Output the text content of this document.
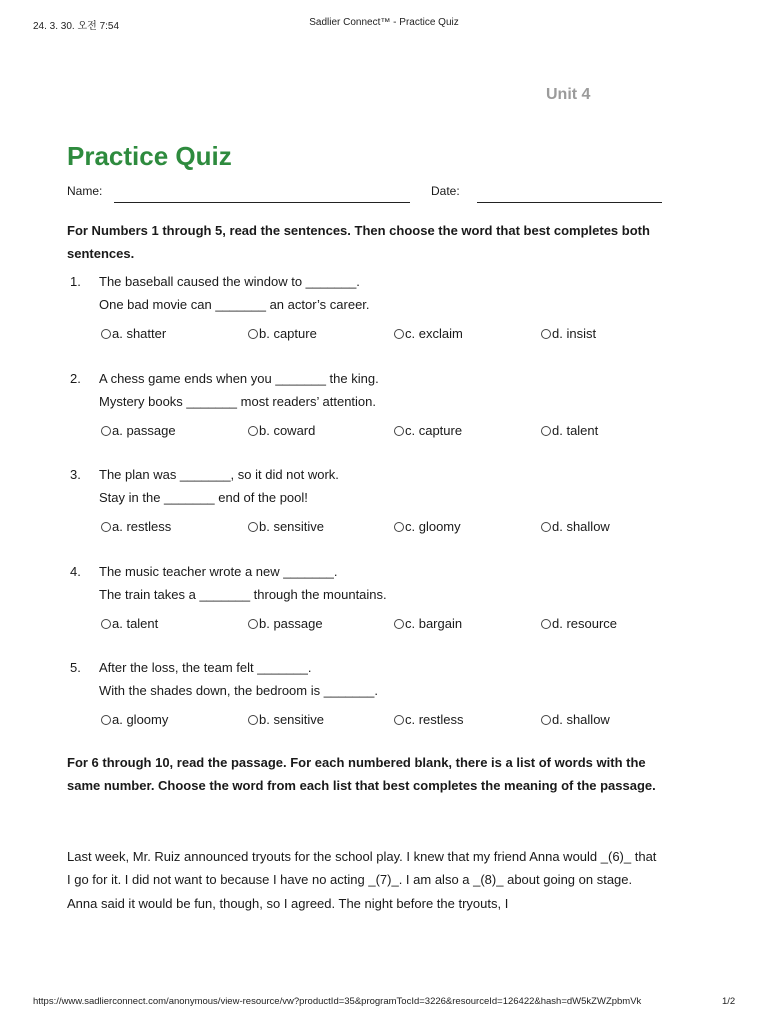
24. 3. 30. 오전 7:54	Sadlier Connect™ - Practice Quiz
Unit 4
Practice Quiz
Name:	Date:

For Numbers 1 through 5, read the sentences. Then choose the word that best completes both sentences.

1. The baseball caused the window to _______.
One bad movie can _______ an actor’s career.
a. shatter	b. capture	c. exclaim	d. insist
2. A chess game ends when you _______ the king.
Mystery books _______ most readers’ attention.
a. passage	b. coward	c. capture	d. talent
3. The plan was _______, so it did not work.
Stay in the _______ end of the pool!
a. restless	b. sensitive	c. gloomy	d. shallow
4. The music teacher wrote a new _______.
The train takes a _______ through the mountains.
a. talent	b. passage	c. bargain	d. resource
5. After the loss, the team felt _______.
With the shades down, the bedroom is _______.
a. gloomy	b. sensitive	c. restless	d. shallow

For 6 through 10, read the passage. For each numbered blank, there is a list of words with the same number. Choose the word from each list that best completes the meaning of the passage.

Last week, Mr. Ruiz announced tryouts for the school play. I knew that my friend Anna would _(6)_ that I go for it. I did not want to because I have no acting _(7)_. I am also a _(8)_ about going on stage. Anna said it would be fun, though, so I agreed. The night before the tryouts, I

https://www.sadlierconnect.com/anonymous/view-resource/vw?productId=35&programTocId=3226&resourceId=126422&hash=dW5kZWZpbmVk	1/2
